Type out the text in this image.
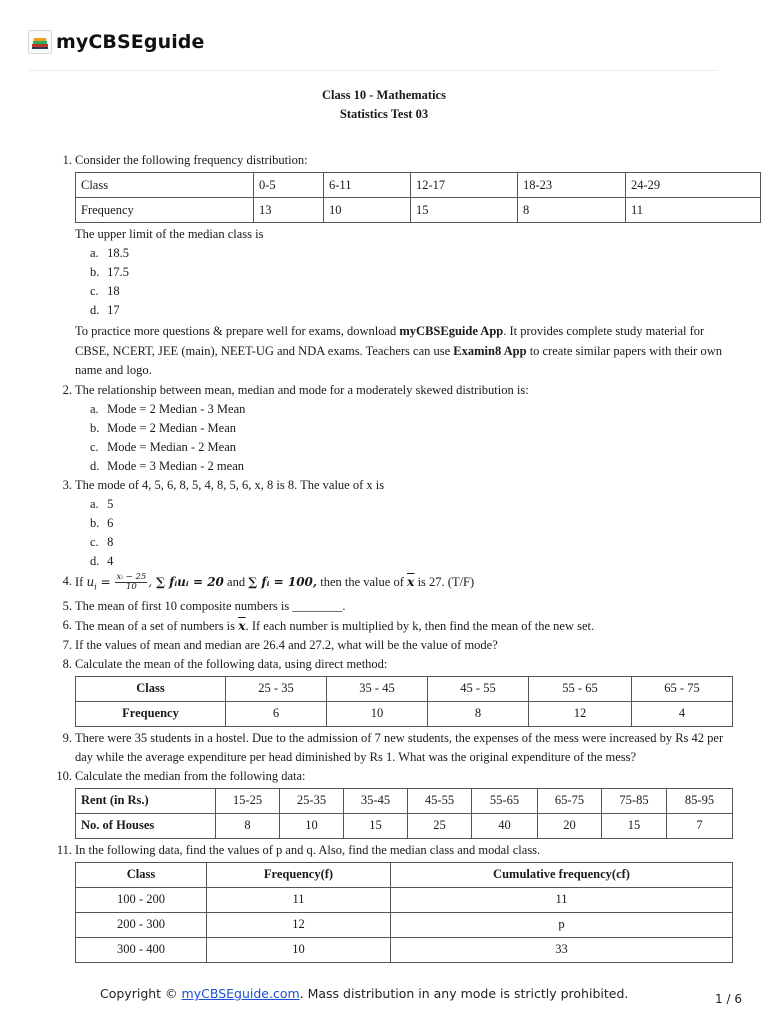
myCBSEguide
Class 10 - Mathematics
Statistics Test 03
1. Consider the following frequency distribution:
Class	0-5	6-11	12-17	18-23	24-29
Frequency	13	10	15	8	11
The upper limit of the median class is
a. 18.5
b. 17.5
c. 18
d. 17
To practice more questions & prepare well for exams, download myCBSEguide App. It provides complete study material for CBSE, NCERT, JEE (main), NEET-UG and NDA exams. Teachers can use Examin8 App to create similar papers with their own name and logo.
2. The relationship between mean, median and mode for a moderately skewed distribution is:
a. Mode = 2 Median - 3 Mean
b. Mode = 2 Median - Mean
c. Mode = Median - 2 Mean
d. Mode = 3 Median - 2 mean
3. The mode of 4, 5, 6, 8, 5, 4, 8, 5, 6, x, 8 is 8. The value of x is
a. 5
b. 6
c. 8
d. 4
4. If $u_i = \frac{\text{xᵢ − 25}}{10}$ , ∑ fᵢuᵢ = 20 and ∑ fᵢ = 100, then the value of $\overline{x}$ is 27. (T/F)
5. The mean of first 10 composite numbers is ________.
6. The mean of a set of numbers is $\overline{x}$. If each number is multiplied by k, then find the mean of the new set.
7. If the values of mean and median are 26.4 and 27.2, what will be the value of mode?
8. Calculate the mean of the following data, using direct method:
Class	25 - 35	35 - 45	45 - 55	55 - 65	65 - 75
Frequency	6	10	8	12	4
9. There were 35 students in a hostel. Due to the admission of 7 new students, the expenses of the mess were increased by Rs 42 per day while the average expenditure per head diminished by Rs 1. What was the original expenditure of the mess?
10. Calculate the median from the following data:
Rent (in Rs.)	15-25	25-35	35-45	45-55	55-65	65-75	75-85	85-95
No. of Houses	8	10	15	25	40	20	15	7
11. In the following data, find the values of p and q. Also, find the median class and modal class.
Class	Frequency(f)	Cumulative frequency(cf)
100 - 200	11	11
200 - 300	12	p
300 - 400	10	33
Copyright © myCBSEguide.com. Mass distribution in any mode is strictly prohibited.	1 / 6
